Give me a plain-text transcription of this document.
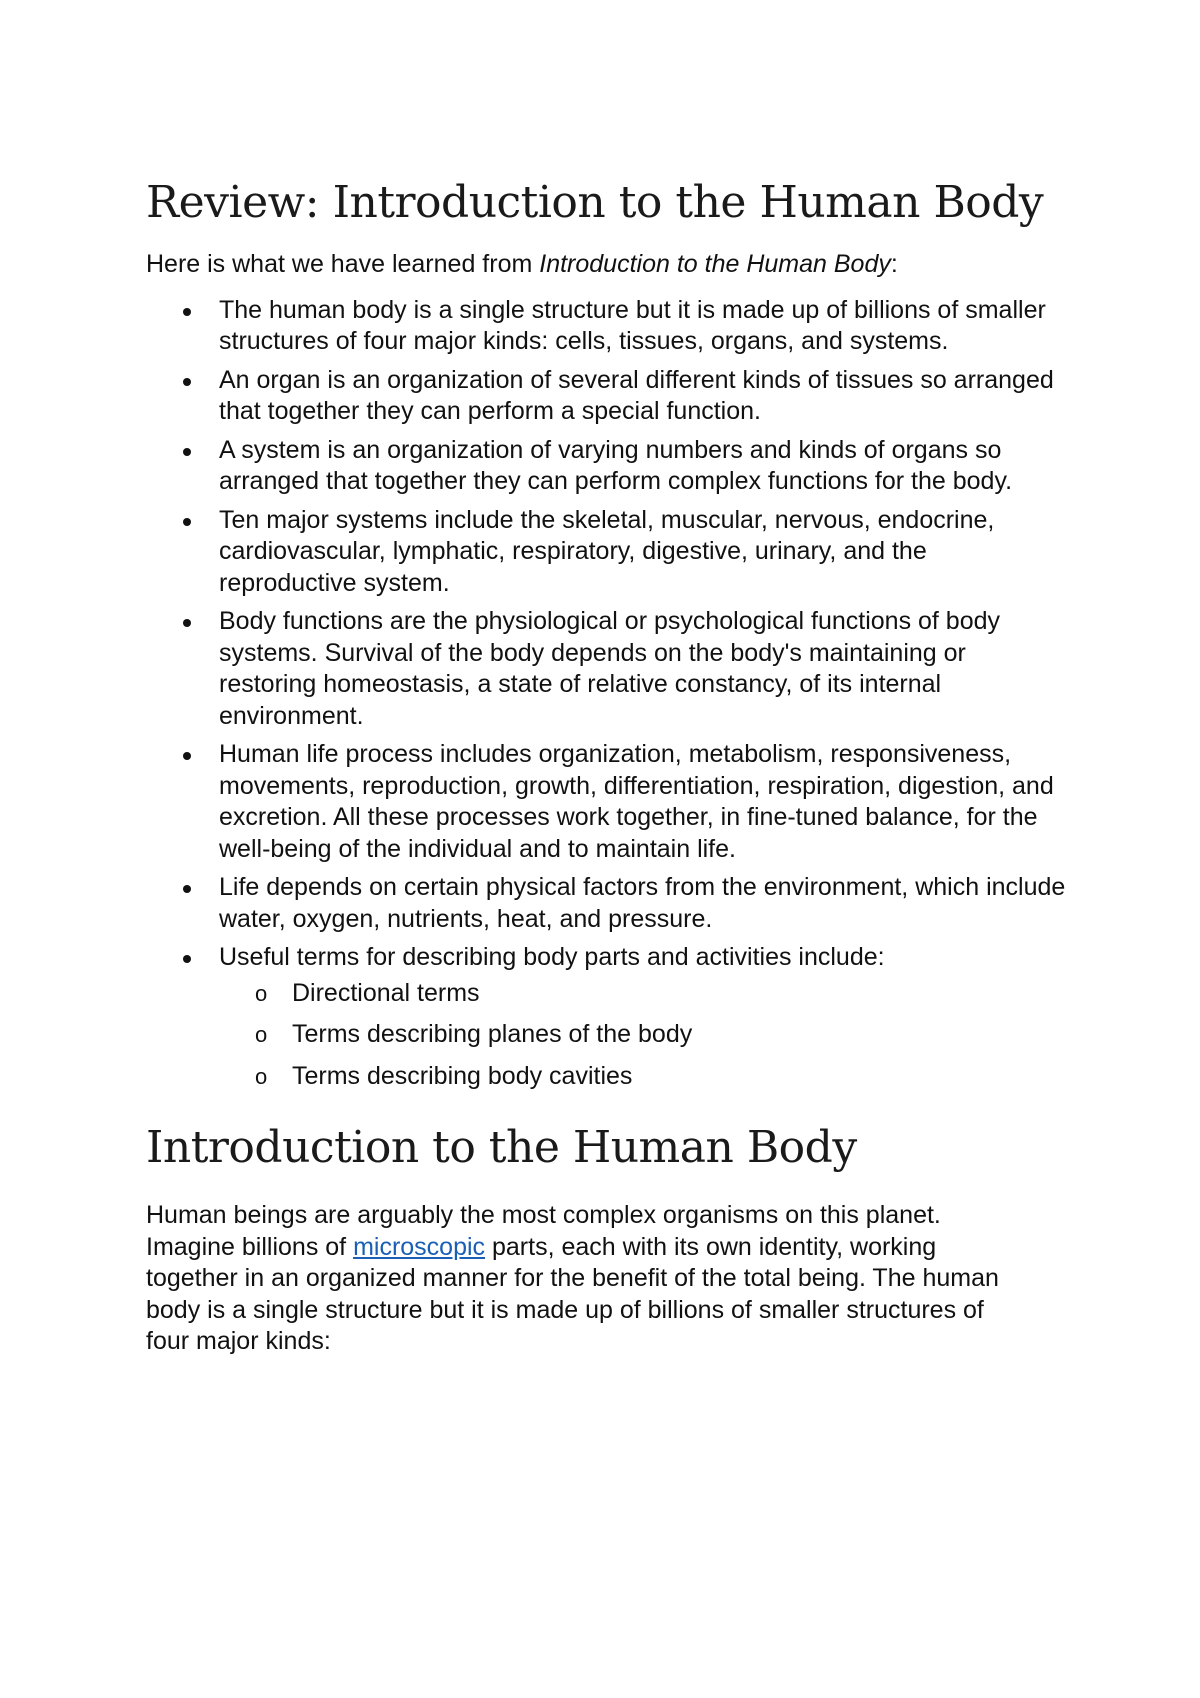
Review: Introduction to the Human Body

Here is what we have learned from Introduction to the Human Body:

The human body is a single structure but it is made up of billions of smaller structures of four major kinds: cells, tissues, organs, and systems.
An organ is an organization of several different kinds of tissues so arranged that together they can perform a special function.
A system is an organization of varying numbers and kinds of organs so arranged that together they can perform complex functions for the body.
Ten major systems include the skeletal, muscular, nervous, endocrine, cardiovascular, lymphatic, respiratory, digestive, urinary, and the reproductive system.
Body functions are the physiological or psychological functions of body systems. Survival of the body depends on the body's maintaining or restoring homeostasis, a state of relative constancy, of its internal environment.
Human life process includes organization, metabolism, responsiveness, movements, reproduction, growth, differentiation, respiration, digestion, and excretion. All these processes work together, in fine-tuned balance, for the well-being of the individual and to maintain life.
Life depends on certain physical factors from the environment, which include water, oxygen, nutrients, heat, and pressure.
Useful terms for describing body parts and activities include:
o Directional terms
o Terms describing planes of the body
o Terms describing body cavities
Introduction to the Human Body

Human beings are arguably the most complex organisms on this planet. Imagine billions of microscopic parts, each with its own identity, working together in an organized manner for the benefit of the total being. The human body is a single structure but it is made up of billions of smaller structures of four major kinds:
